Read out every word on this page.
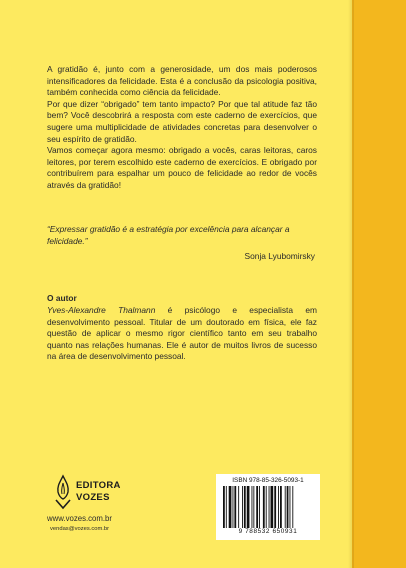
A gratidão é, junto com a generosidade, um dos mais poderosos intensificadores da felicidade. Esta é a conclusão da psicologia positiva, também conhecida como ciência da felicidade.

Por que dizer “obrigado” tem tanto impacto? Por que tal atitude faz tão bem? Você descobrirá a resposta com este caderno de exercícios, que sugere uma multiplicidade de atividades concretas para desenvolver o seu espírito de gratidão.

Vamos começar agora mesmo: obrigado a vocês, caras leitoras, caros leitores, por terem escolhido este caderno de exercícios. E obrigado por contribuírem para espalhar um pouco de felicidade ao redor de vocês através da gratidão!

“Expressar gratidão é a estratégia por excelência para alcançar a felicidade.”

Sonja Lyubomirsky
O autor

Yves-Alexandre Thalmann é psicólogo e especialista em desenvolvimento pessoal. Titular de um doutorado em física, ele faz questão de aplicar o mesmo rigor científico tanto em seu trabalho quanto nas relações humanas. Ele é autor de muitos livros de sucesso na área de desenvolvimento pessoal.

EDITORA
VOZES
www.vozes.com.br
vendas@vozes.com.br
ISBN 978-85-326-5093-1
9 788532 650931
